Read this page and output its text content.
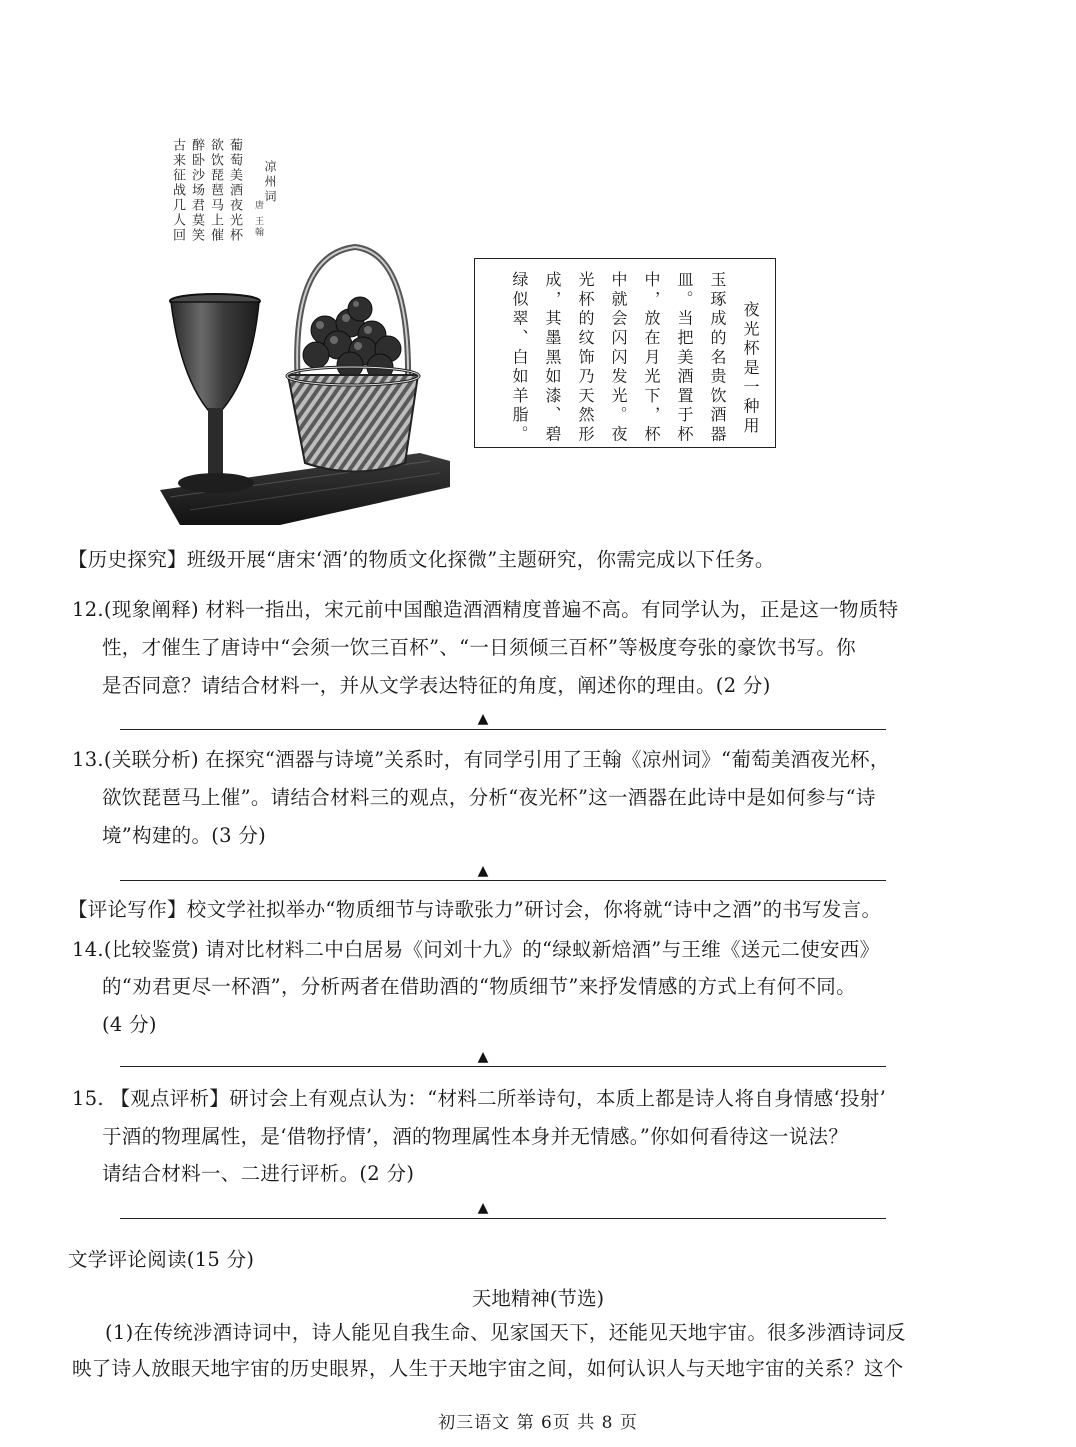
葡萄美酒夜光杯
欲饮琵琶马上催
醉卧沙场君莫笑
古来征战几人回	凉州词
唐 王翰
夜光杯是一种用
玉琢成的名贵饮酒器
皿。当把美酒置于杯
中，放在月光下，杯
中就会闪闪发光。夜
光杯的纹饰乃天然形
成，其墨黑如漆、碧
绿似翠、白如羊脂。
【历史探究】班级开展“唐宋‘酒’的物质文化探微”主题研究，你需完成以下任务。
12.(现象阐释) 材料一指出，宋元前中国酿造酒酒精度普遍不高。有同学认为，正是这一物质特
性，才催生了唐诗中“会须一饮三百杯”、“一日须倾三百杯”等极度夸张的豪饮书写。你
是否同意？请结合材料一，并从文学表达特征的角度，阐述你的理由。(2 分)
▲
13.(关联分析) 在探究“酒器与诗境”关系时，有同学引用了王翰《凉州词》“葡萄美酒夜光杯，
欲饮琵琶马上催”。请结合材料三的观点，分析“夜光杯”这一酒器在此诗中是如何参与“诗
境”构建的。(3 分)
▲
【评论写作】校文学社拟举办“物质细节与诗歌张力”研讨会，你将就“诗中之酒”的书写发言。
14.(比较鉴赏) 请对比材料二中白居易《问刘十九》的“绿蚁新焙酒”与王维《送元二使安西》
的“劝君更尽一杯酒”，分析两者在借助酒的“物质细节”来抒发情感的方式上有何不同。
(4 分)
▲
15. 【观点评析】研讨会上有观点认为：“材料二所举诗句，本质上都是诗人将自身情感‘投射’
于酒的物理属性，是‘借物抒情’，酒的物理属性本身并无情感。”你如何看待这一说法？
请结合材料一、二进行评析。(2 分)
▲
文学评论阅读(15 分)
天地精神(节选)
(1)在传统涉酒诗词中，诗人能见自我生命、见家国天下，还能见天地宇宙。很多涉酒诗词反
映了诗人放眼天地宇宙的历史眼界，人生于天地宇宙之间，如何认识人与天地宇宙的关系？这个
初三语文 第 6页 共 8 页
